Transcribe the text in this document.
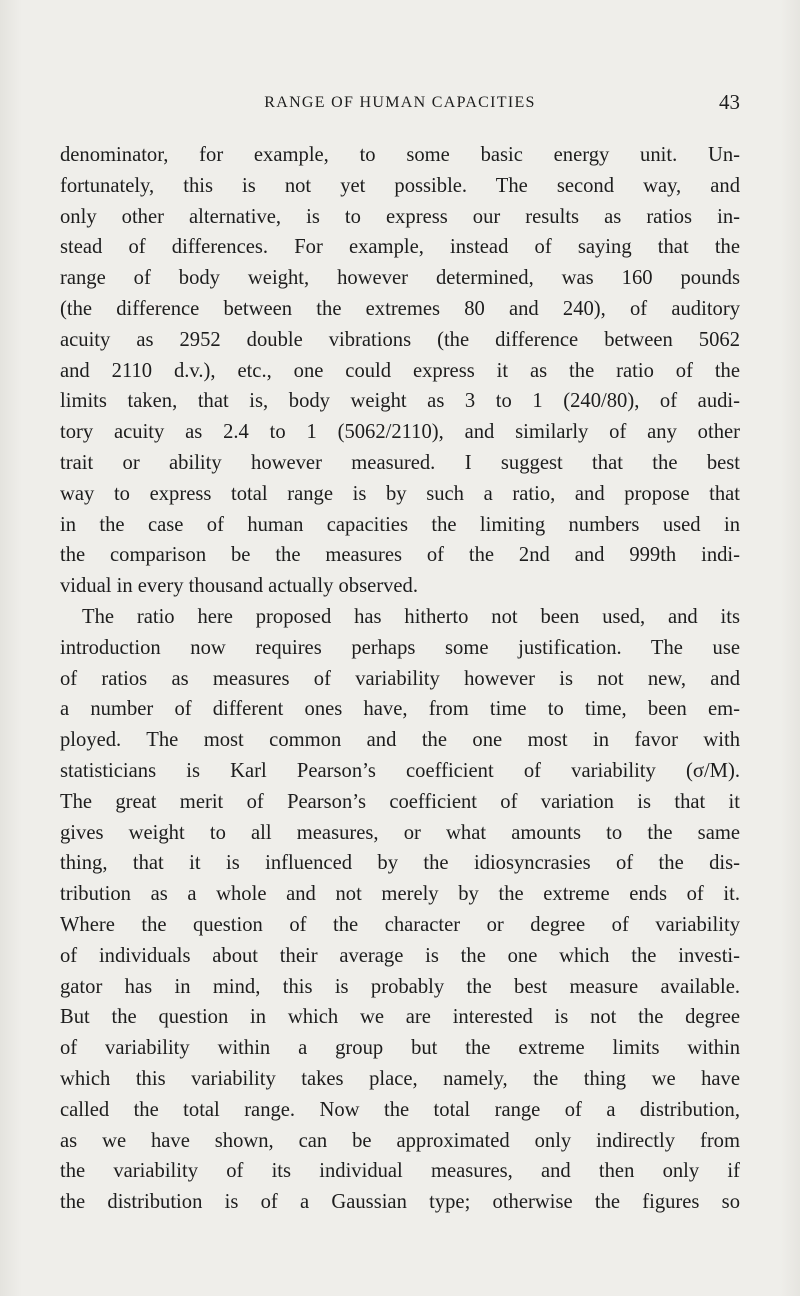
RANGE OF HUMAN CAPACITIES	43
denominator, for example, to some basic energy unit. Un-
fortunately, this is not yet possible. The second way, and
only other alternative, is to express our results as ratios in-
stead of differences. For example, instead of saying that the
range of body weight, however determined, was 160 pounds
(the difference between the extremes 80 and 240), of auditory
acuity as 2952 double vibrations (the difference between 5062
and 2110 d.v.), etc., one could express it as the ratio of the
limits taken, that is, body weight as 3 to 1 (240/80), of audi-
tory acuity as 2.4 to 1 (5062/2110), and similarly of any other
trait or ability however measured. I suggest that the best
way to express total range is by such a ratio, and propose that
in the case of human capacities the limiting numbers used in
the comparison be the measures of the 2nd and 999th indi-
vidual in every thousand actually observed.
The ratio here proposed has hitherto not been used, and its
introduction now requires perhaps some justification. The use
of ratios as measures of variability however is not new, and
a number of different ones have, from time to time, been em-
ployed. The most common and the one most in favor with
statisticians is Karl Pearson’s coefficient of variability (σ/M).
The great merit of Pearson’s coefficient of variation is that it
gives weight to all measures, or what amounts to the same
thing, that it is influenced by the idiosyncrasies of the dis-
tribution as a whole and not merely by the extreme ends of it.
Where the question of the character or degree of variability
of individuals about their average is the one which the investi-
gator has in mind, this is probably the best measure available.
But the question in which we are interested is not the degree
of variability within a group but the extreme limits within
which this variability takes place, namely, the thing we have
called the total range. Now the total range of a distribution,
as we have shown, can be approximated only indirectly from
the variability of its individual measures, and then only if
the distribution is of a Gaussian type; otherwise the figures so
